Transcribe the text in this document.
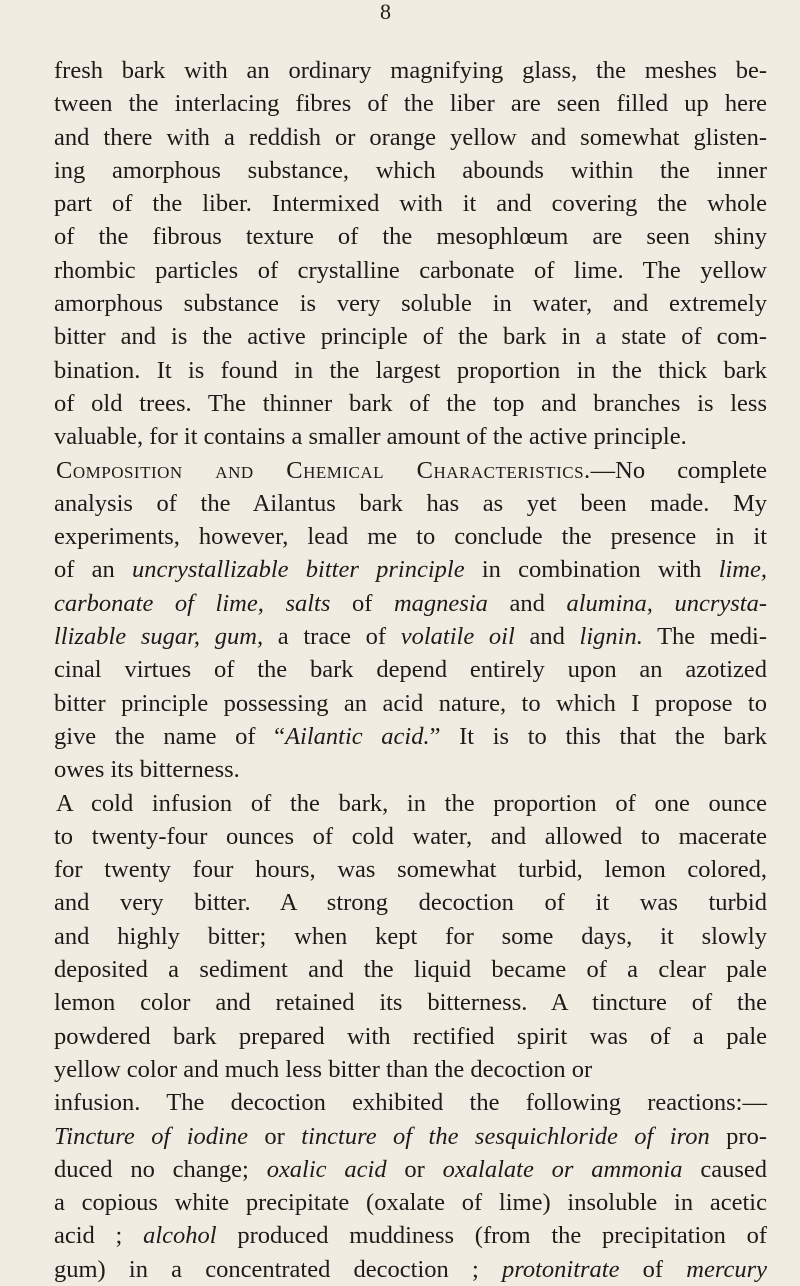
8
fresh bark with an ordinary magnifying glass, the meshes be-
tween the interlacing fibres of the liber are seen filled up here
and there with a reddish or orange yellow and somewhat glisten-
ing amorphous substance, which abounds within the inner
part of the liber. Intermixed with it and covering the whole
of the fibrous texture of the mesophlœum are seen shiny
rhombic particles of crystalline carbonate of lime. The yellow
amorphous substance is very soluble in water, and extremely
bitter and is the active principle of the bark in a state of com-
bination. It is found in the largest proportion in the thick bark
of old trees. The thinner bark of the top and branches is less
valuable, for it contains a smaller amount of the active principle.
Composition and Chemical Characteristics.—No complete
analysis of the Ailantus bark has as yet been made. My
experiments, however, lead me to conclude the presence in it
of an uncrystallizable bitter principle in combination with lime,
carbonate of lime, salts of magnesia and alumina, uncrysta-
llizable sugar, gum, a trace of volatile oil and lignin. The medi-
cinal virtues of the bark depend entirely upon an azotized
bitter principle possessing an acid nature, to which I propose to
give the name of “Ailantic acid.” It is to this that the bark
owes its bitterness.
A cold infusion of the bark, in the proportion of one ounce
to twenty-four ounces of cold water, and allowed to macerate
for twenty four hours, was somewhat turbid, lemon colored,
and very bitter. A strong decoction of it was turbid
and highly bitter; when kept for some days, it slowly
deposited a sediment and the liquid became of a clear pale
lemon color and retained its bitterness. A tincture of the
powdered bark prepared with rectified spirit was of a pale
yellow color and much less bitter than the decoction or
infusion. The decoction exhibited the following reactions:—
Tincture of iodine or tincture of the sesquichloride of iron pro-
duced no change; oxalic acid or oxalalate or ammonia caused
a copious white precipitate (oxalate of lime) insoluble in acetic
acid ; alcohol produced muddiness (from the precipitation of
gum) in a concentrated decoction ; protonitrate of mercury
